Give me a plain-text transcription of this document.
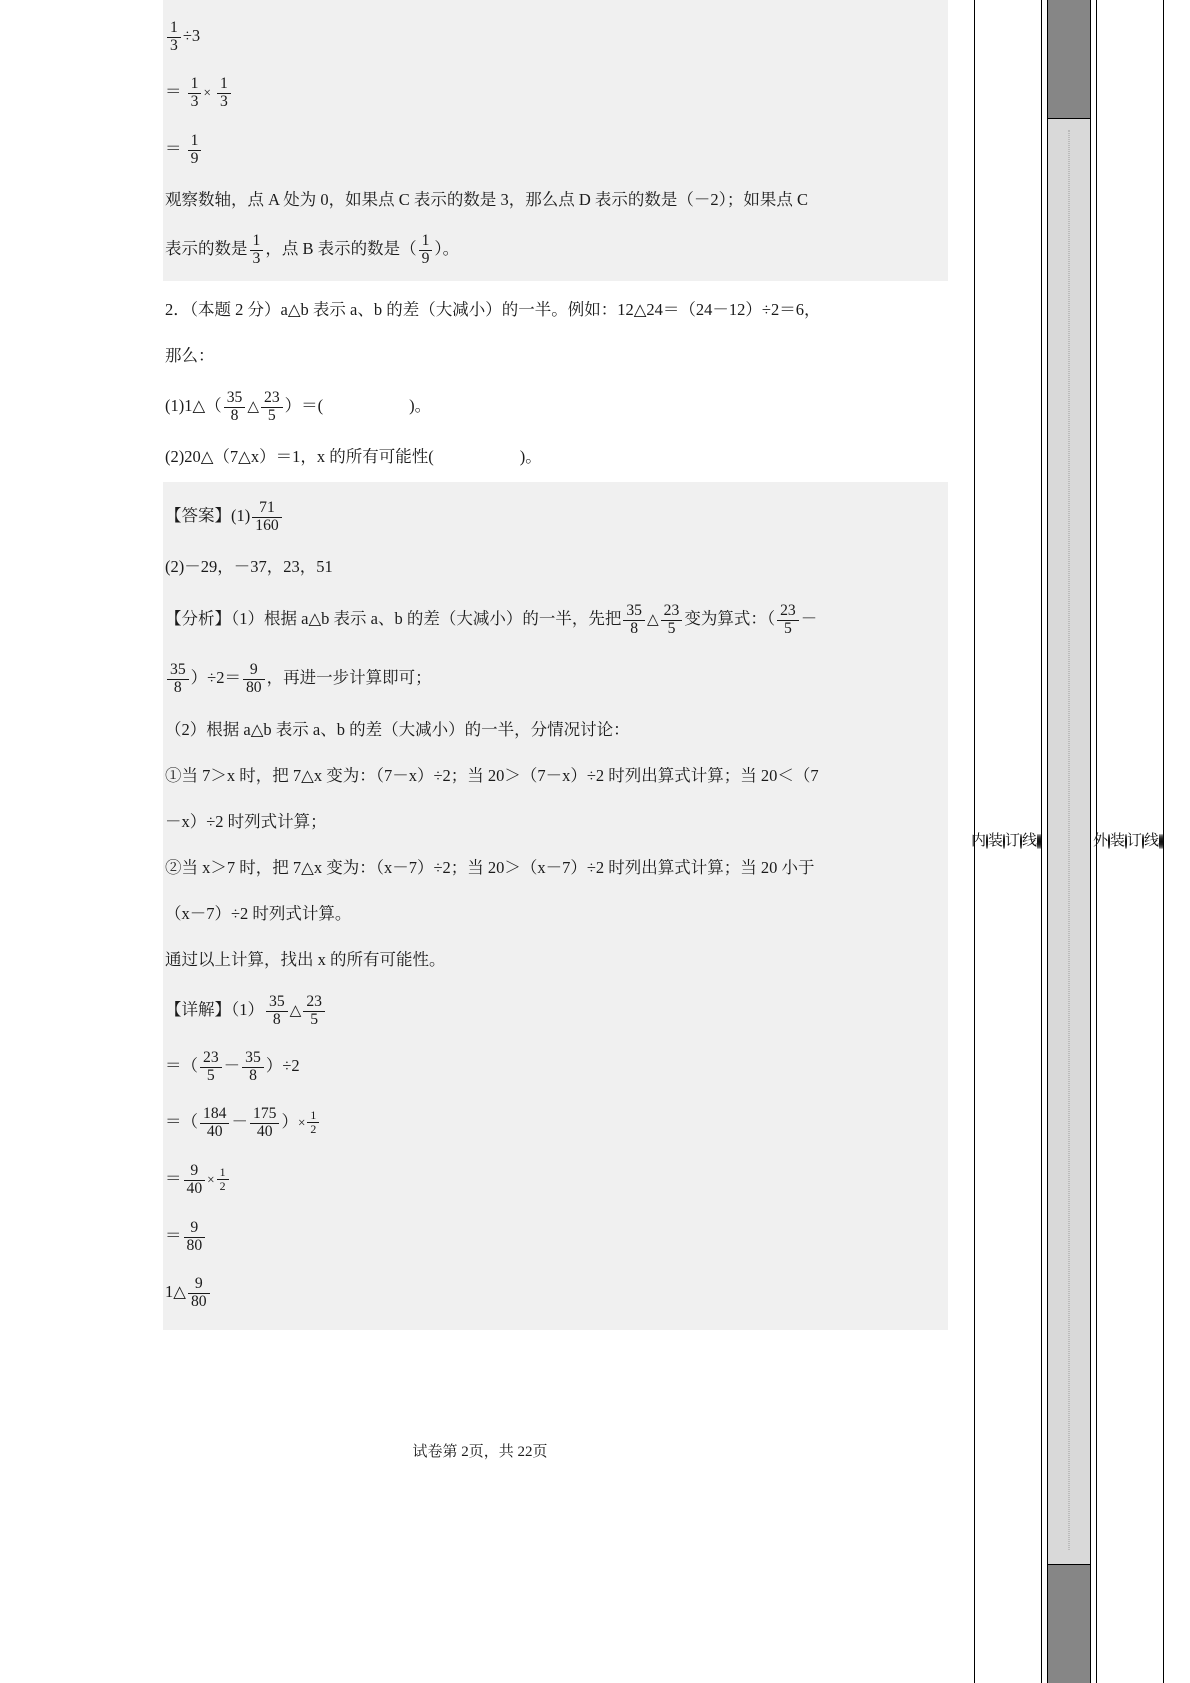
$\frac{1}{3} \div 3$
＝ $\frac{1}{3} \times \frac{1}{3}$
＝ $\frac{1}{9}$
观察数轴，点 A 处为 0，如果点 C 表示的数是 3，那么点 D 表示的数是（－2）；如果点 C
表示的数是 $\frac{1}{3}$ ，点 B 表示的数是（ $\frac{1}{9}$ ）。
2．（本题 2 分）a△b 表示 a、b 的差（大减小）的一半。例如：12△24＝（24－12）÷2＝6，
那么：
(1)1△（ $\frac{35}{8}$ △ $\frac{23}{5}$ ）＝(	)。
(2)20△（7△x）＝1，x 的所有可能性(	)。
【答案】$(1) \frac{71}{160}$
(2)－29，－37，23，51
【分析】（1）根据 a△b 表示 a、b 的差（大减小）的一半，先把 $\frac{35}{8}$ △ $\frac{23}{5}$ 变为算式：（ $\frac{23}{5}$ －
$\frac{35}{8} )\div 2= \frac{9}{80}$ ，再进一步计算即可；
（2）根据 a△b 表示 a、b 的差（大减小）的一半，分情况讨论：
①当 7＞x 时，把 7△x 变为：（7－x）÷2；当 20＞（7－x）÷2 时列出算式计算；当 20＜（7
－x）÷2 时列式计算；
②当 x＞7 时，把 7△x 变为：（x－7）÷2；当 20＞（x－7）÷2 时列出算式计算；当 20 小于
（x－7）÷2 时列式计算。
通过以上计算，找出 x 的所有可能性。
【详解】$(1) \frac{35}{8}$ △ $\frac{23}{5}$
＝（ $\frac{23}{5} - \frac{35}{8} )\div 2$
＝（ $\frac{184}{40} - \frac{175}{40}$ ）× $\frac{1}{2}$
＝ $\frac{9}{40} \times \frac{1}{2}$
＝ $\frac{9}{80}$
1△ $\frac{9}{80}$
试卷第 2页，共 22页
线
订
装
内	线
订
装
外
